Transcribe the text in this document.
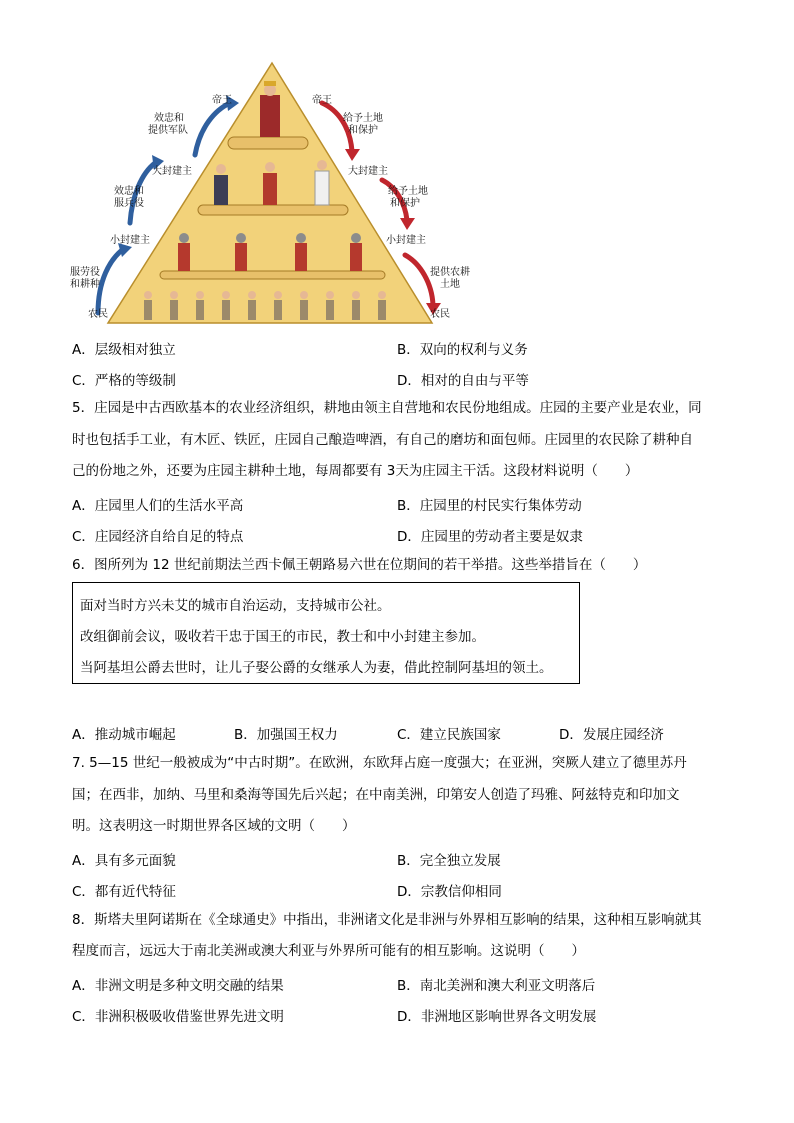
帝王
效忠和
提供军队
大封建主
效忠和
服兵役
小封建主
服劳役
和耕种
农民
帝王
给予土地
和保护
大封建主
给予土地
和保护
小封建主
提供农耕
土地
农民
A．层级相对独立	B．双向的权利与义务
C．严格的等级制	D．相对的自由与平等
5．庄园是中古西欧基本的农业经济组织，耕地由领主自营地和农民份地组成。庄园的主要产业是农业，同
时也包括手工业，有木匠、铁匠，庄园自己酿造啤酒，有自己的磨坊和面包师。庄园里的农民除了耕种自
己的份地之外，还要为庄园主耕种土地，每周都要有 3天为庄园主干活。这段材料说明（　　）
A．庄园里人们的生活水平高	B．庄园里的村民实行集体劳动
C．庄园经济自给自足的特点	D．庄园里的劳动者主要是奴隶
6．图所列为 12 世纪前期法兰西卡佩王朝路易六世在位期间的若干举措。这些举措旨在（　　）
面对当时方兴未艾的城市自治运动，支持城市公社。
改组御前会议，吸收若干忠于国王的市民，教士和中小封建主参加。
当阿基坦公爵去世时，让儿子娶公爵的女继承人为妻，借此控制阿基坦的领土。
A．推动城市崛起	B．加强国王权力	C．建立民族国家	D．发展庄园经济
7. 5—15 世纪一般被成为“中古时期”。在欧洲，东欧拜占庭一度强大；在亚洲，突厥人建立了德里苏丹
国；在西非，加纳、马里和桑海等国先后兴起；在中南美洲，印第安人创造了玛雅、阿兹特克和印加文
明。这表明这一时期世界各区域的文明（　　）
A．具有多元面貌	B．完全独立发展
C．都有近代特征	D．宗教信仰相同
8．斯塔夫里阿诺斯在《全球通史》中指出，非洲诸文化是非洲与外界相互影响的结果，这种相互影响就其
程度而言，远远大于南北美洲或澳大利亚与外界所可能有的相互影响。这说明（　　）
A．非洲文明是多种文明交融的结果	B．南北美洲和澳大利亚文明落后
C．非洲积极吸收借鉴世界先进文明	D．非洲地区影响世界各文明发展
